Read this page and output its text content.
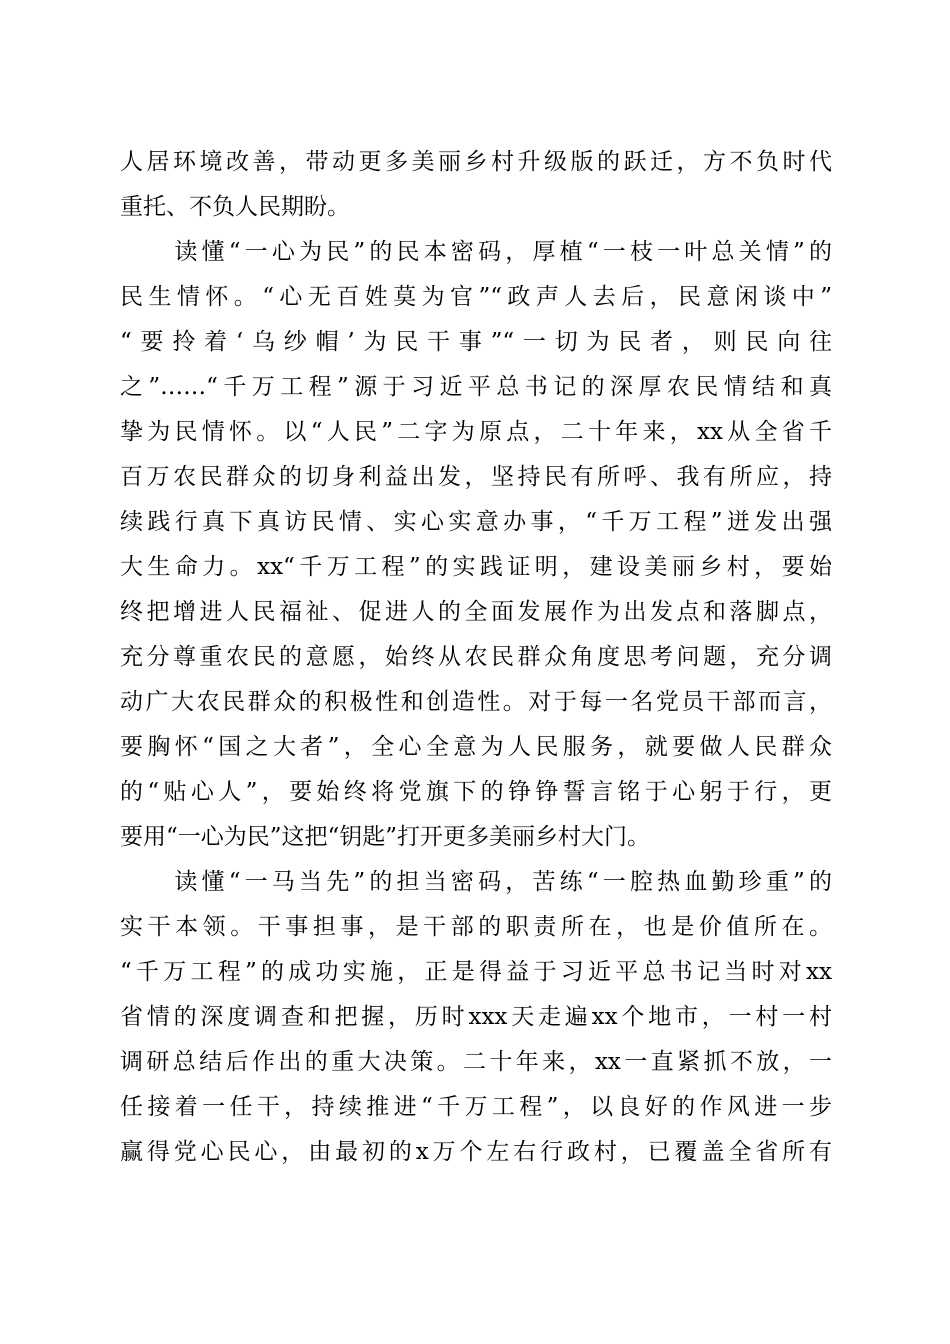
人居环境改善，带动更多美丽乡村升级版的跃迁，方不负时代
重托、不负人民期盼。
　　读懂“一心为民”的民本密码，厚植“一枝一叶总关情”的
民生情怀。“心无百姓莫为官”“政声人去后，民意闲谈中”
“要拎着‘乌纱帽’为民干事”“一切为民者，则民向往
之”……“千万工程”源于习近平总书记的深厚农民情结和真
挚为民情怀。以“人民”二字为原点，二十年来，xx从全省千
百万农民群众的切身利益出发，坚持民有所呼、我有所应，持
续践行真下真访民情、实心实意办事，“千万工程”迸发出强
大生命力。xx“千万工程”的实践证明，建设美丽乡村，要始
终把增进人民福祉、促进人的全面发展作为出发点和落脚点，
充分尊重农民的意愿，始终从农民群众角度思考问题，充分调
动广大农民群众的积极性和创造性。对于每一名党员干部而言，
要胸怀“国之大者”，全心全意为人民服务，就要做人民群众
的“贴心人”，要始终将党旗下的铮铮誓言铭于心躬于行，更
要用“一心为民”这把“钥匙”打开更多美丽乡村大门。
　　读懂“一马当先”的担当密码，苦练“一腔热血勤珍重”的
实干本领。干事担事，是干部的职责所在，也是价值所在。
“千万工程”的成功实施，正是得益于习近平总书记当时对xx
省情的深度调查和把握，历时xxx天走遍xx个地市，一村一村
调研总结后作出的重大决策。二十年来，xx一直紧抓不放，一
任接着一任干，持续推进“千万工程”，以良好的作风进一步
赢得党心民心，由最初的x万个左右行政村，已覆盖全省所有
